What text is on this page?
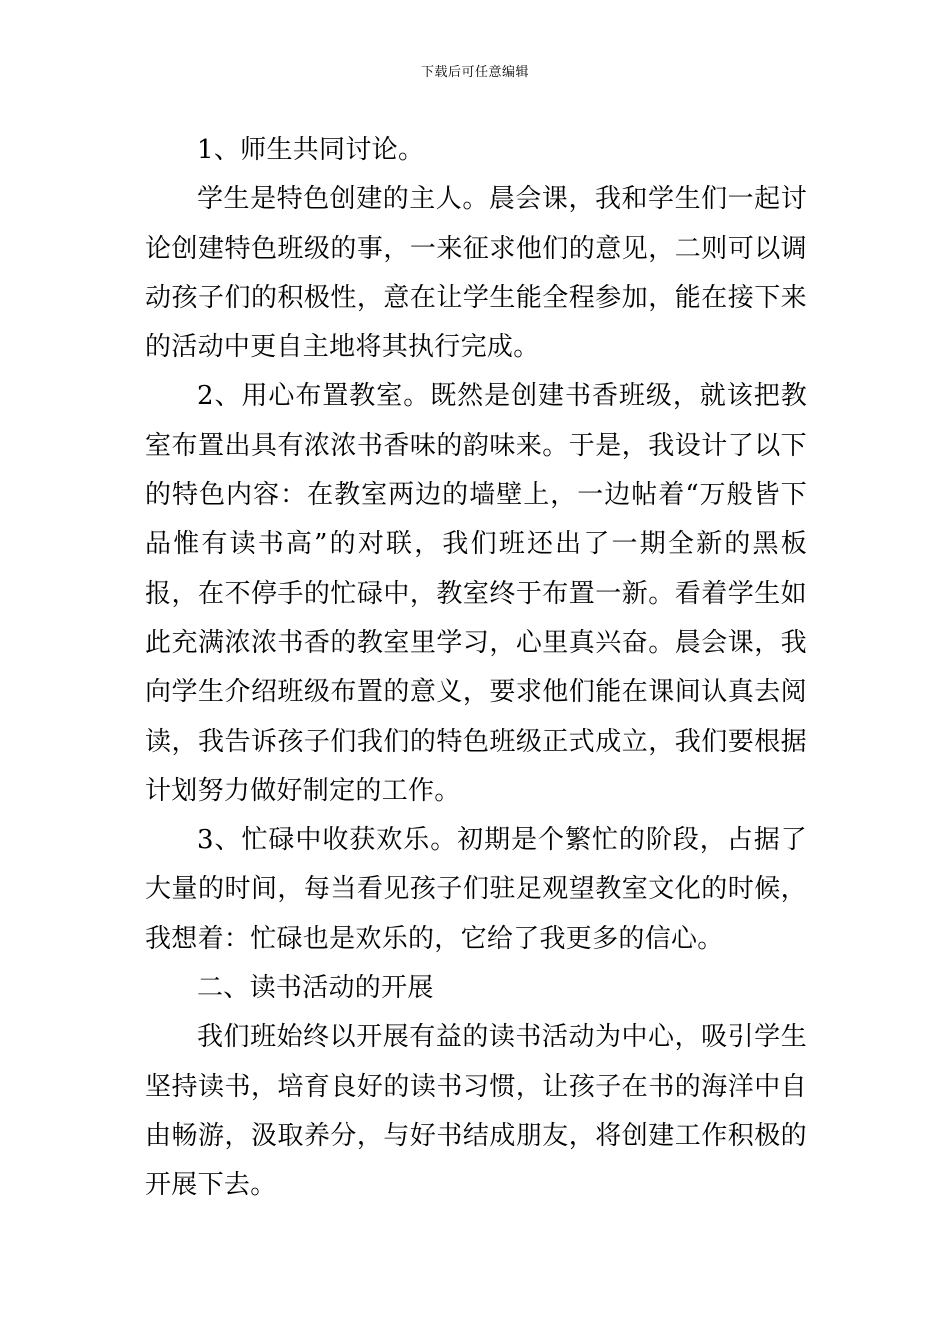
下载后可任意编辑

1、师生共同讨论。

学生是特色创建的主人。晨会课，我和学生们一起讨论创建特色班级的事，一来征求他们的意见，二则可以调动孩子们的积极性，意在让学生能全程参加，能在接下来的活动中更自主地将其执行完成。

2、用心布置教室。既然是创建书香班级，就该把教室布置出具有浓浓书香味的韵味来。于是，我设计了以下的特色内容：在教室两边的墙壁上，一边帖着“万般皆下品惟有读书高”的对联，我们班还出了一期全新的黑板报，在不停手的忙碌中，教室终于布置一新。看着学生如此充满浓浓书香的教室里学习，心里真兴奋。晨会课，我向学生介绍班级布置的意义，要求他们能在课间认真去阅读，我告诉孩子们我们的特色班级正式成立，我们要根据计划努力做好制定的工作。

3、忙碌中收获欢乐。初期是个繁忙的阶段，占据了大量的时间，每当看见孩子们驻足观望教室文化的时候，我想着：忙碌也是欢乐的，它给了我更多的信心。

二、读书活动的开展

我们班始终以开展有益的读书活动为中心，吸引学生坚持读书，培育良好的读书习惯，让孩子在书的海洋中自由畅游，汲取养分，与好书结成朋友，将创建工作积极的开展下去。
